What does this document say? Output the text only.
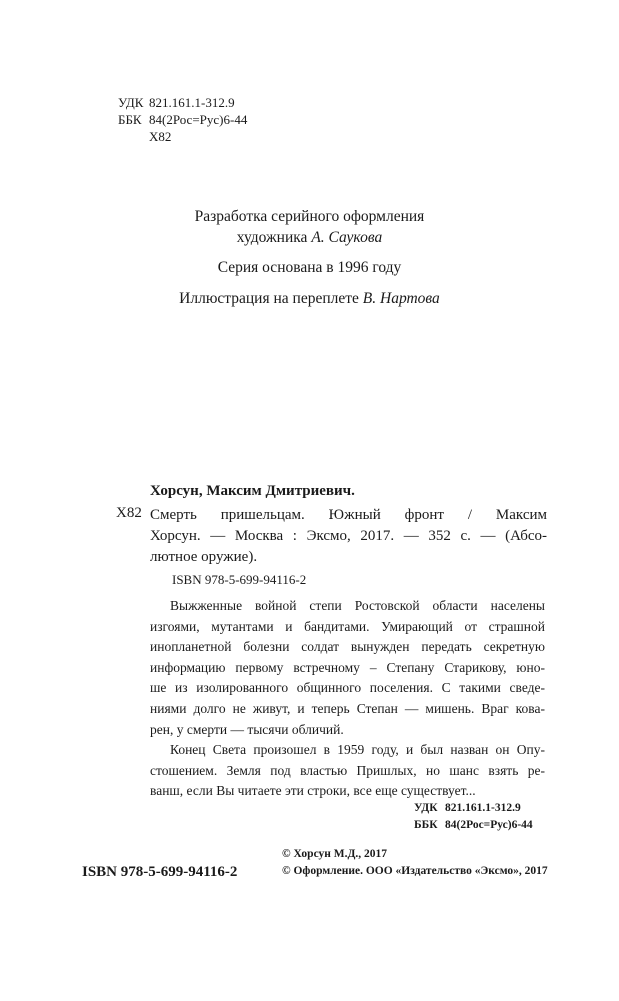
УДК 821.161.1-312.9
ББК 84(2Рос=Рус)6-44
Х82
Разработка серийного оформления
художника А. Саукова
Серия основана в 1996 году
Иллюстрация на переплете В. Нартова
Хорсун, Максим Дмитриевич.
Х82 Смерть пришельцам. Южный фронт / Максим
Хорсун. — Москва : Эксмо, 2017. — 352 с. — (Абсо-
лютное оружие).
ISBN 978-5-699-94116-2
Выжженные войной степи Ростовской области населены
изгоями, мутантами и бандитами. Умирающий от страшной
инопланетной болезни солдат вынужден передать секретную
информацию первому встречному – Степану Старикову, юно-
ше из изолированного общинного поселения. С такими сведе-
ниями долго не живут, и теперь Степан — мишень. Враг кова-
рен, у смерти — тысячи обличий.
Конец Света произошел в 1959 году, и был назван он Опу-
стошением. Земля под властью Пришлых, но шанс взять ре-
ванш, если Вы читаете эти строки, все еще существует...
УДК 821.161.1-312.9
ББК 84(2Рос=Рус)6-44
ISBN 978-5-699-94116-2
© Хорсун М.Д., 2017
© Оформление. ООО «Издательство «Эксмо», 2017
